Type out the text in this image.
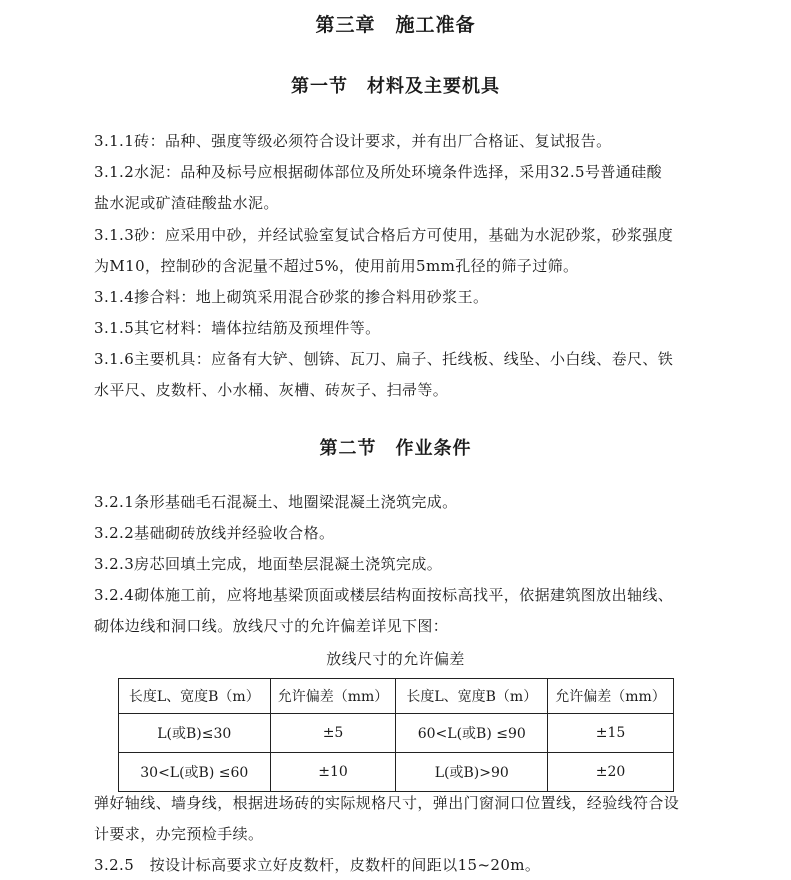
第三章　施工准备
第一节　材料及主要机具
3.1.1砖：品种、强度等级必须符合设计要求，并有出厂合格证、复试报告。
3.1.2水泥：品种及标号应根据砌体部位及所处环境条件选择，采用32.5号普通硅酸
盐水泥或矿渣硅酸盐水泥。
3.1.3砂：应采用中砂，并经试验室复试合格后方可使用，基础为水泥砂浆，砂浆强度
为M10，控制砂的含泥量不超过5%，使用前用5mm孔径的筛子过筛。
3.1.4掺合料：地上砌筑采用混合砂浆的掺合料用砂浆王。
3.1.5其它材料：墙体拉结筋及预埋件等。
3.1.6主要机具：应备有大铲、刨锛、瓦刀、扁子、托线板、线坠、小白线、卷尺、铁
水平尺、皮数杆、小水桶、灰槽、砖灰子、扫帚等。
第二节　作业条件
3.2.1条形基础毛石混凝土、地圈梁混凝土浇筑完成。
3.2.2基础砌砖放线并经验收合格。
3.2.3房芯回填土完成，地面垫层混凝土浇筑完成。
3.2.4砌体施工前，应将地基梁顶面或楼层结构面按标高找平，依据建筑图放出轴线、
砌体边线和洞口线。放线尺寸的允许偏差详见下图：
放线尺寸的允许偏差
长度L、宽度B（m）	允许偏差（mm）	长度L、宽度B（m）	允许偏差（mm）
L(或B)≤30	±5	60<L(或B) ≤90	±15
30<L(或B) ≤60	±10	L(或B)>90	±20
弹好轴线、墙身线，根据进场砖的实际规格尺寸，弹出门窗洞口位置线，经验线符合设
计要求，办完预检手续。
3.2.5　按设计标高要求立好皮数杆，皮数杆的间距以15~20m。
